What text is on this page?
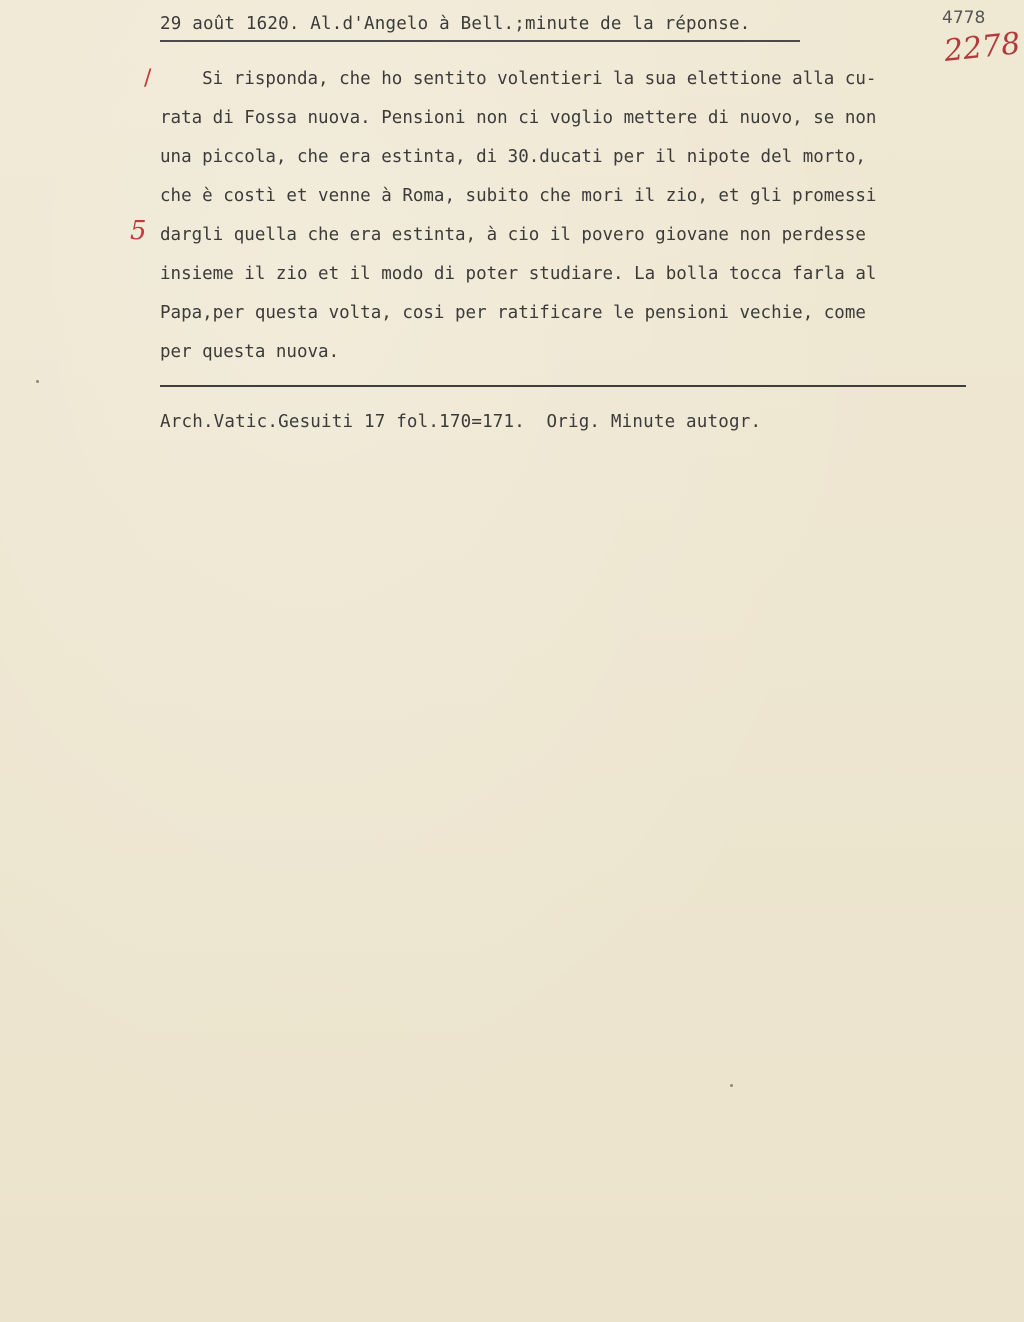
29 août 1620. Al.d'Angelo à Bell.;minute de la réponse.	4778
2278
/
5
Si risponda, che ho sentito volentieri la sua elettione alla cu-
rata di Fossa nuova. Pensioni non ci voglio mettere di nuovo, se non
una piccola, che era estinta, di 30.ducati per il nipote del morto,
che è costì et venne à Roma, subito che mori il zio, et gli promessi
dargli quella che era estinta, à cio il povero giovane non perdesse
insieme il zio et il modo di poter studiare. La bolla tocca farla al
Papa,per questa volta, cosi per ratificare le pensioni vechie, come
per questa nuova.
Arch.Vatic.Gesuiti 17 fol.170=171.  Orig. Minute autogr.
